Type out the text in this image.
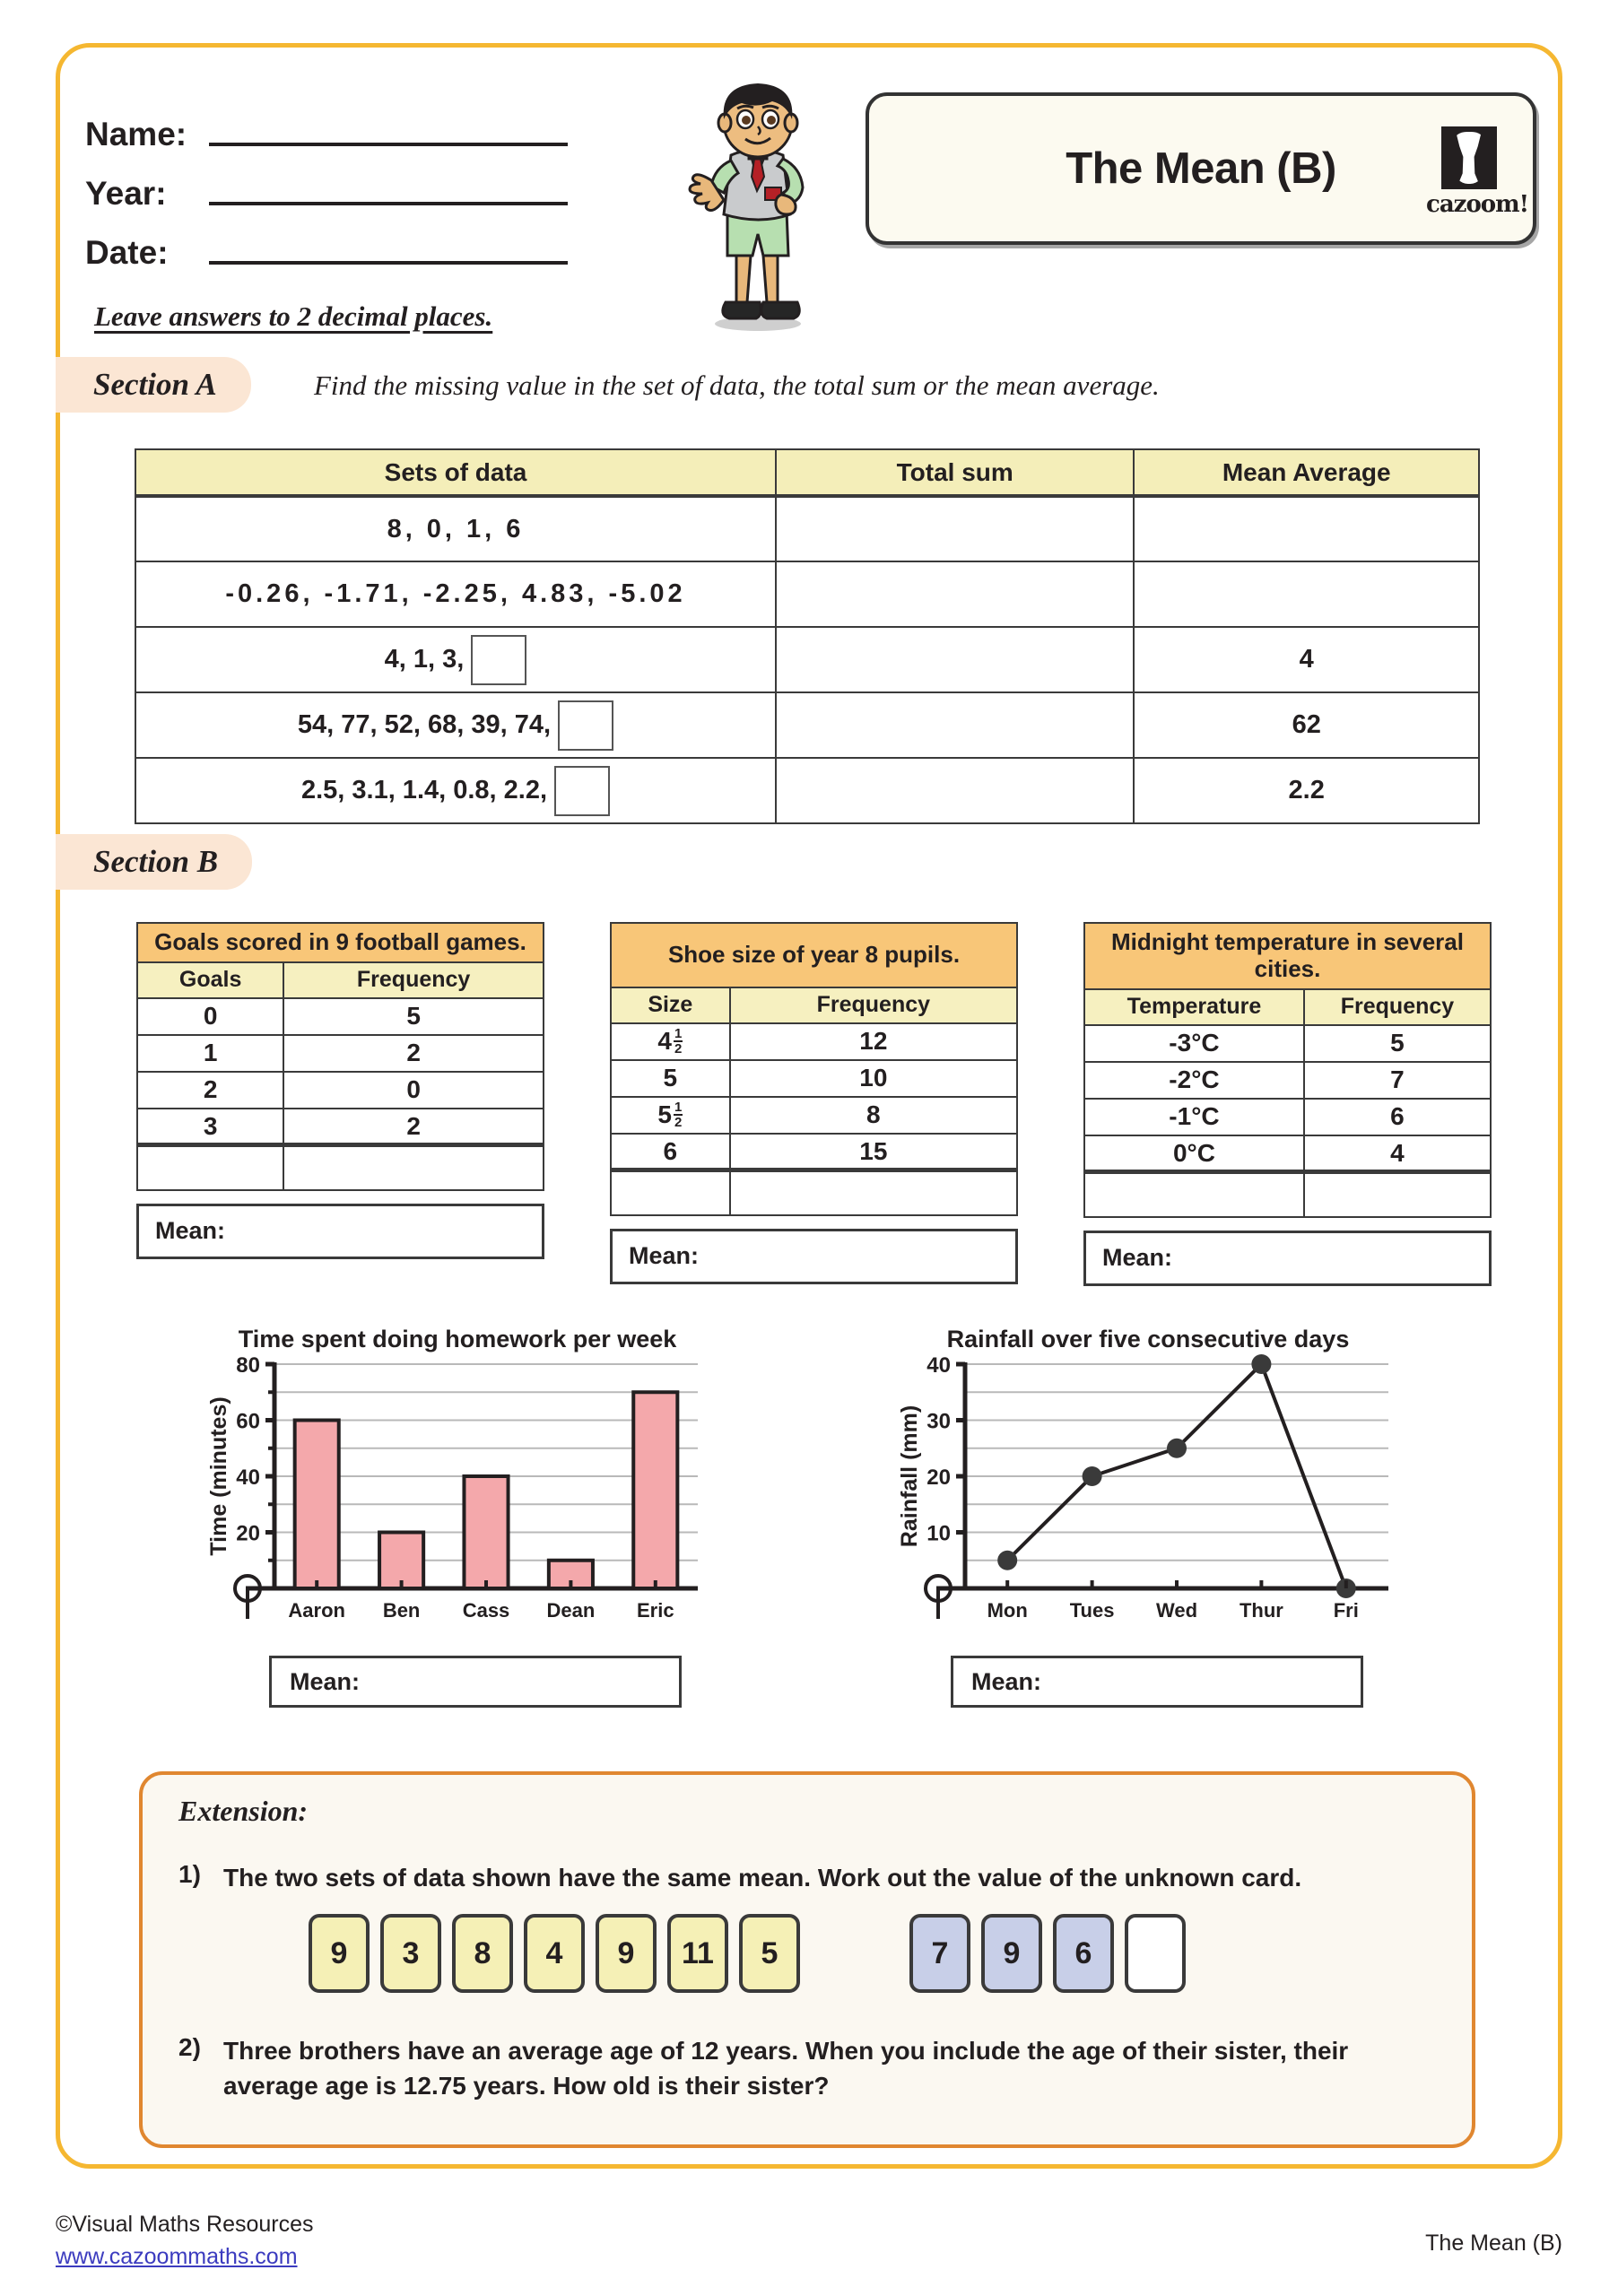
Name:
Year:
Date:
The Mean (B)
cazoom!
Leave answers to 2 decimal places.
Section A	Find the missing value in the set of data, the total sum or the mean average.
Sets of data	Total sum	Mean Average
8, 0, 1, 6		
-0.26, -1.71, -2.25, 4.83, -5.02		

4, 1, 3,		4

54, 77, 52, 68, 39, 74,		62

2.5, 3.1, 1.4, 0.8, 2.2,		2.2
Section B
Goals scored in 9 football games.	
Goals	Frequency
0	5
1	2
2	0
3	2

Mean:
Shoe size of year 8 pupils.	
Size	Frequency

$4 \frac{1}{2}$	12
5	10

$5 \frac{1}{2}$	8
6	15

Mean:
Midnight temperature in several cities.	
Temperature	Frequency
-3°C	5
-2°C	7
-1°C	6
0°C	4

Mean:
Time spent doing homework per week
20
40
60
80
Aaron Ben Cass Dean Eric
Time (minutes)
Mean:
Rainfall over five consecutive days
10
20
30
40
Mon Tues Wed Thur	Fri
Rainfall (mm)
Mean:
Extension:
1) The two sets of data shown have the same mean. Work out the value of the unknown card.
9	3	8	4	9	11	5	7	9	6
2) Three brothers have an average age of 12 years. When you include the age of their sister, their average age is 12.75 years. How old is their sister?
©Visual Maths Resources
www.cazoommaths.com
The Mean (B)
